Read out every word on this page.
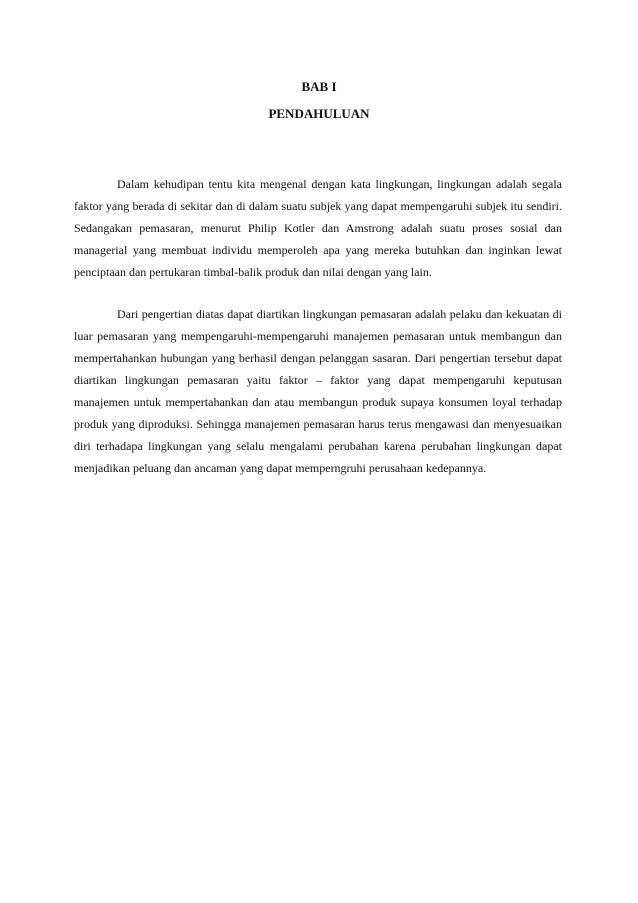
BAB I
PENDAHULUAN

Dalam kehudipan tentu kita mengenal dengan kata lingkungan, lingkungan adalah segala faktor yang berada di sekitar dan di dalam suatu subjek yang dapat mempengaruhi subjek itu sendiri. Sedangakan pemasaran, menurut Philip Kotler dan Amstrong adalah suatu proses sosial dan managerial yang membuat individu memperoleh apa yang mereka butuhkan dan inginkan lewat penciptaan dan pertukaran timbal-balik produk dan nilai dengan yang lain.

Dari pengertian diatas dapat diartikan lingkungan pemasaran adalah pelaku dan kekuatan di luar pemasaran yang mempengaruhi-mempengaruhi manajemen pemasaran untuk membangun dan mempertahankan hubungan yang berhasil dengan pelanggan sasaran. Dari pengertian tersebut dapat diartikan lingkungan pemasaran yaitu faktor – faktor yang dapat mempengaruhi keputusan manajemen untuk mempertahankan dan atau membangun produk supaya konsumen loyal terhadap produk yang diproduksi. Sehingga manajemen pemasaran harus terus mengawasi dan menyesuaikan diri terhadapa lingkungan yang selalu mengalami perubahan karena perubahan lingkungan dapat menjadikan peluang dan ancaman yang dapat memperngruhi perusahaan kedepannya.
